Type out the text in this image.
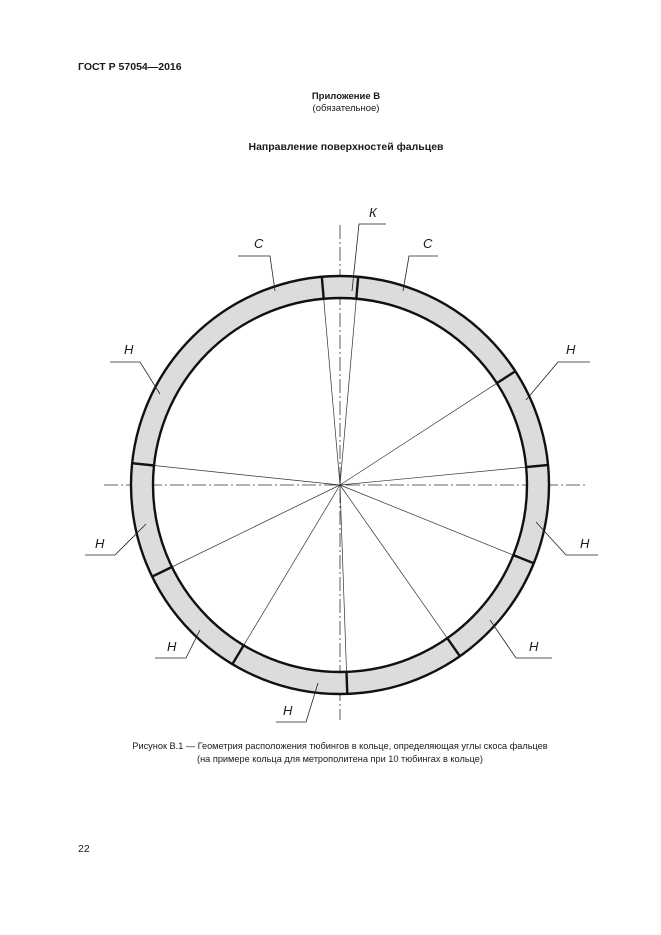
ГОСТ Р 57054—2016
Приложение В
(обязательное)
Направление поверхностей фальцев
К
С	С
Н	Н
Н	Н
Н	Н
Н
Рисунок В.1 — Геометрия расположения тюбингов в кольце, определяющая углы скоса фальцев
(на примере кольца для метрополитена при 10 тюбингах в кольце)
22
